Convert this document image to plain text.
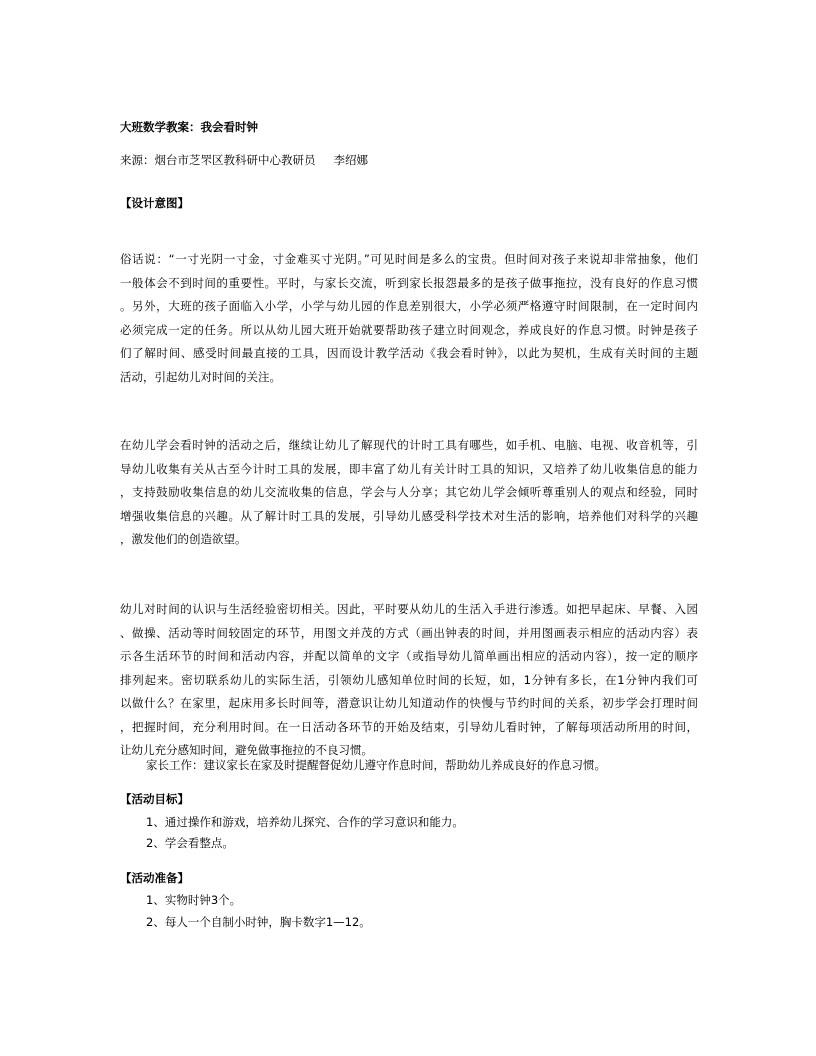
大班数学教案：我会看时钟
来源：烟台市芝罘区教科研中心教研员 李绍娜
【设计意图】
俗话说：“一寸光阴一寸金，寸金难买寸光阴。”可见时间是多么的宝贵。但时间对孩子来说却非常抽象，他们
一般体会不到时间的重要性。平时，与家长交流，听到家长报怨最多的是孩子做事拖拉，没有良好的作息习惯
。另外，大班的孩子面临入小学，小学与幼儿园的作息差别很大，小学必须严格遵守时间限制，在一定时间内
必须完成一定的任务。所以从幼儿园大班开始就要帮助孩子建立时间观念，养成良好的作息习惯。时钟是孩子
们了解时间、感受时间最直接的工具，因而设计教学活动《我会看时钟》，以此为契机，生成有关时间的主题
活动，引起幼儿对时间的关注。
在幼儿学会看时钟的活动之后，继续让幼儿了解现代的计时工具有哪些，如手机、电脑、电视、收音机等，引
导幼儿收集有关从古至今计时工具的发展，即丰富了幼儿有关计时工具的知识，又培养了幼儿收集信息的能力
，支持鼓励收集信息的幼儿交流收集的信息，学会与人分享；其它幼儿学会倾听尊重别人的观点和经验，同时
增强收集信息的兴趣。从了解计时工具的发展，引导幼儿感受科学技术对生活的影响，培养他们对科学的兴趣
，激发他们的创造欲望。
幼儿对时间的认识与生活经验密切相关。因此，平时要从幼儿的生活入手进行渗透。如把早起床、早餐、入园
、做操、活动等时间较固定的环节，用图文并茂的方式（画出钟表的时间，并用图画表示相应的活动内容）表
示各生活环节的时间和活动内容，并配以简单的文字（或指导幼儿简单画出相应的活动内容），按一定的顺序
排列起来。密切联系幼儿的实际生活，引领幼儿感知单位时间的长短，如，1分钟有多长，在1分钟内我们可
以做什么？在家里，起床用多长时间等，潜意识让幼儿知道动作的快慢与节约时间的关系，初步学会打理时间
，把握时间，充分利用时间。在一日活动各环节的开始及结束，引导幼儿看时钟，了解每项活动所用的时间，
让幼儿充分感知时间，避免做事拖拉的不良习惯。
家长工作：建议家长在家及时提醒督促幼儿遵守作息时间，帮助幼儿养成良好的作息习惯。
【活动目标】
1、通过操作和游戏，培养幼儿探究、合作的学习意识和能力。
2、学会看整点。
【活动准备】
1、实物时钟3个。
2、每人一个自制小时钟，胸卡数字1—12。
